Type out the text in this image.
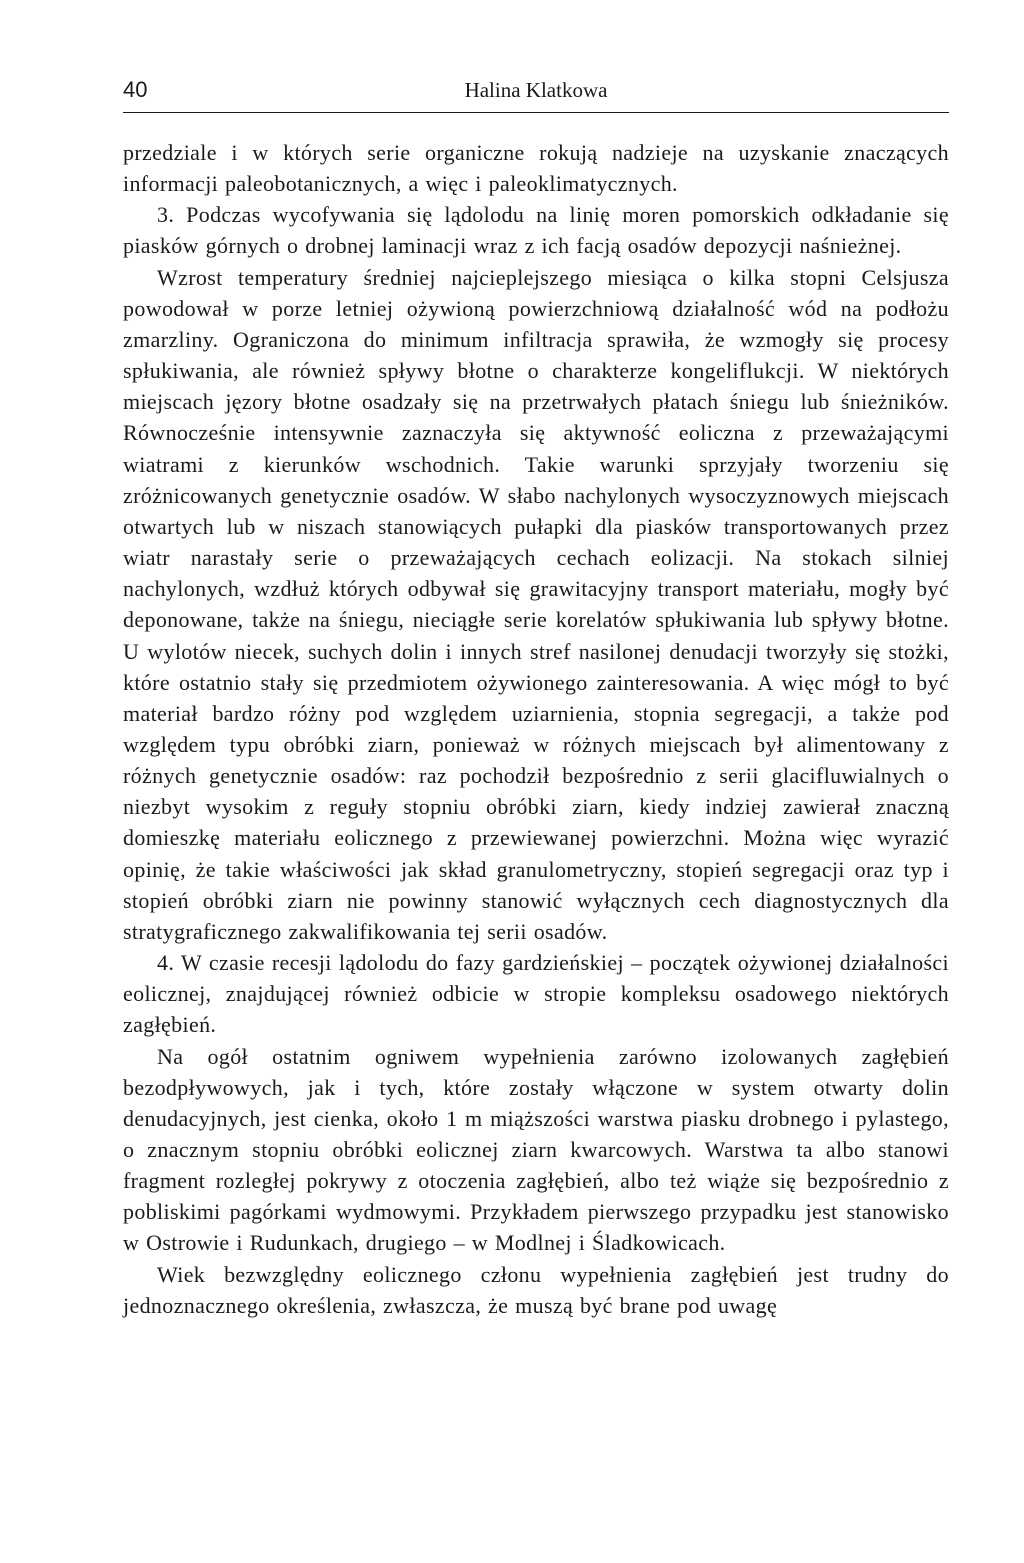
40	Halina Klatkowa

przedziale i w których serie organiczne rokują nadzieje na uzyskanie znaczących informacji paleobotanicznych, a więc i paleoklimatycznych.

3. Podczas wycofywania się lądolodu na linię moren pomorskich odkładanie się piasków górnych o drobnej laminacji wraz z ich facją osadów depozycji naśnieżnej.

Wzrost temperatury średniej najcieplejszego miesiąca o kilka stopni Celsjusza powodował w porze letniej ożywioną powierzchniową działalność wód na podłożu zmarzliny. Ograniczona do minimum infiltracja sprawiła, że wzmogły się procesy spłukiwania, ale również spływy błotne o charakterze kongeliflukcji. W niektórych miejscach jęzory błotne osadzały się na przetrwałych płatach śniegu lub śnieżników. Równocześnie intensywnie zaznaczyła się aktywność eoliczna z przeważającymi wiatrami z kierunków wschodnich. Takie warunki sprzyjały tworzeniu się zróżnicowanych genetycznie osadów. W słabo nachylonych wysoczyznowych miejscach otwartych lub w niszach stanowiących pułapki dla piasków transportowanych przez wiatr narastały serie o przeważających cechach eolizacji. Na stokach silniej nachylonych, wzdłuż których odbywał się grawitacyjny transport materiału, mogły być deponowane, także na śniegu, nieciągłe serie korelatów spłukiwania lub spływy błotne. U wylotów niecek, suchych dolin i innych stref nasilonej denudacji tworzyły się stożki, które ostatnio stały się przedmiotem ożywionego zainteresowania. A więc mógł to być materiał bardzo różny pod względem uziarnienia, stopnia segregacji, a także pod względem typu obróbki ziarn, ponieważ w różnych miejscach był alimentowany z różnych genetycznie osadów: raz pochodził bezpośrednio z serii glacifluwialnych o niezbyt wysokim z reguły stopniu obróbki ziarn, kiedy indziej zawierał znaczną domieszkę materiału eolicznego z przewiewanej powierzchni. Można więc wyrazić opinię, że takie właściwości jak skład granulometryczny, stopień segregacji oraz typ i stopień obróbki ziarn nie powinny stanowić wyłącznych cech diagnostycznych dla stratygraficznego zakwalifikowania tej serii osadów.

4. W czasie recesji lądolodu do fazy gardzieńskiej – początek ożywionej działalności eolicznej, znajdującej również odbicie w stropie kompleksu osadowego niektórych zagłębień.

Na ogół ostatnim ogniwem wypełnienia zarówno izolowanych zagłębień bezodpływowych, jak i tych, które zostały włączone w system otwarty dolin denudacyjnych, jest cienka, około 1 m miąższości warstwa piasku drobnego i pylastego, o znacznym stopniu obróbki eolicznej ziarn kwarcowych. Warstwa ta albo stanowi fragment rozległej pokrywy z otoczenia zagłębień, albo też wiąże się bezpośrednio z pobliskimi pagórkami wydmowymi. Przykładem pierwszego przypadku jest stanowisko w Ostrowie i Rudunkach, drugiego – w Modlnej i Śladkowicach.

Wiek bezwzględny eolicznego członu wypełnienia zagłębień jest trudny do jednoznacznego określenia, zwłaszcza, że muszą być brane pod uwagę
